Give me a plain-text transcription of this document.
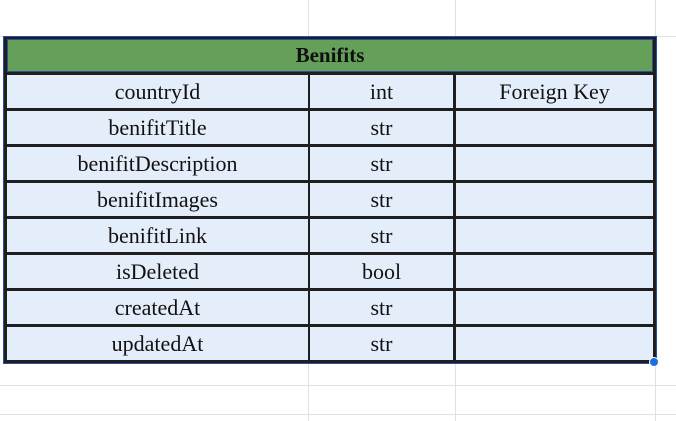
Benifits
countryId	int	Foreign Key
benifitTitle	str
benifitDescription	str
benifitImages	str
benifitLink	str
isDeleted	bool
createdAt	str
updatedAt	str
